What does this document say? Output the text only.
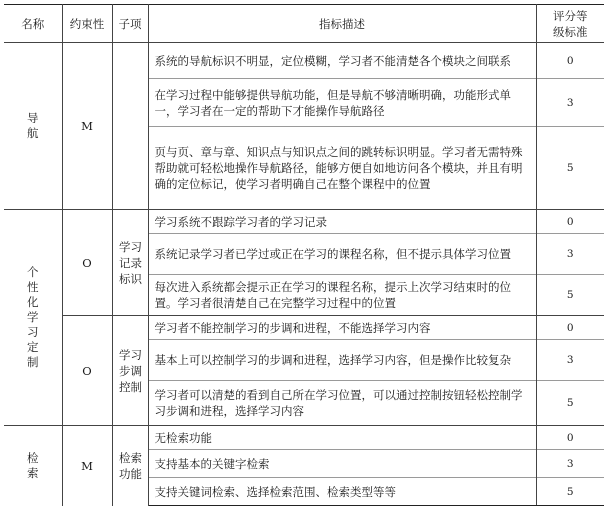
名称	约束性	子项	指标描述	评分等级标准
导航	M		系统的导航标识不明显，定位模糊，学习者不能清楚各个模块之间联系	0
			在学习过程中能够提供导航功能，但是导航不够清晰明确，功能形式单一，学习者在一定的帮助下才能操作导航路径	3
			页与页、章与章、知识点与知识点之间的跳转标识明显。学习者无需特殊帮助就可轻松地操作导航路径，能够方便自如地访问各个模块，并且有明确的定位标记，使学习者明确自己在整个课程中的位置	5
个性化学习定制	O	学习记录标识	学习系统不跟踪学习者的学习记录	0
			系统记录学习者已学过或正在学习的课程名称，但不提示具体学习位置	3
			每次进入系统都会提示正在学习的课程名称，提示上次学习结束时的位置。学习者很清楚自己在完整学习过程中的位置	5
	O	学习步调控制	学习者不能控制学习的步调和进程，不能选择学习内容	0
			基本上可以控制学习的步调和进程，选择学习内容，但是操作比较复杂	3
			学习者可以清楚的看到自己所在学习位置，可以通过控制按钮轻松控制学习步调和进程，选择学习内容	5
检索	M	检索功能	无检索功能	0
			支持基本的关键字检索	3
			支持关键词检索、选择检索范围、检索类型等等	5
